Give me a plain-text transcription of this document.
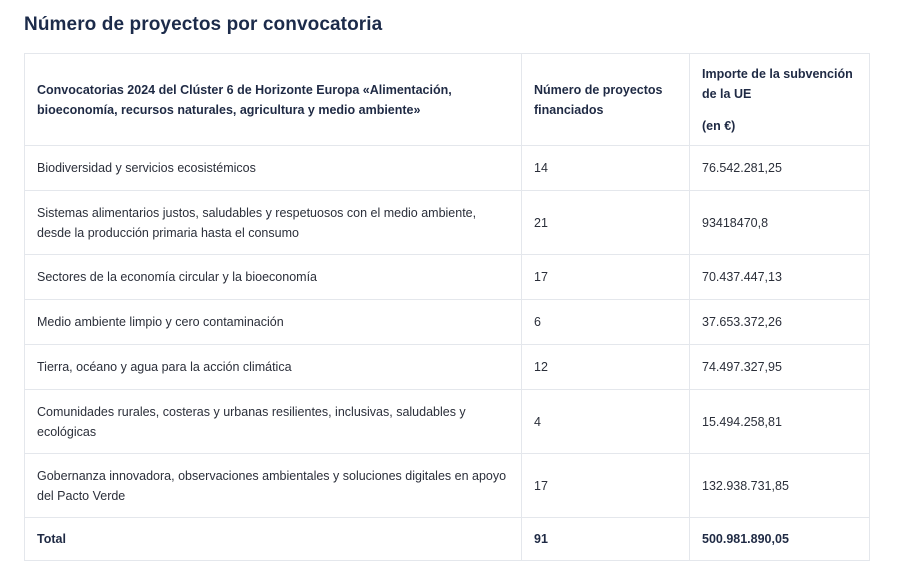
Número de proyectos por convocatoria
Convocatorias 2024 del Clúster 6 de Horizonte Europa «Alimentación, bioeconomía, recursos naturales, agricultura y medio ambiente»	Número de proyectos financiados	Importe de la subvención de la UE
(en €)

Biodiversidad y servicios ecosistémicos	14	76.542.281,25
Sistemas alimentarios justos, saludables y respetuosos con el medio ambiente, desde la producción primaria hasta el consumo	21	93418470,8
Sectores de la economía circular y la bioeconomía	17	70.437.447,13
Medio ambiente limpio y cero contaminación	6	37.653.372,26
Tierra, océano y agua para la acción climática	12	74.497.327,95
Comunidades rurales, costeras y urbanas resilientes, inclusivas, saludables y ecológicas	4	15.494.258,81
Gobernanza innovadora, observaciones ambientales y soluciones digitales en apoyo del Pacto Verde	17	132.938.731,85
Total	91	500.981.890,05
